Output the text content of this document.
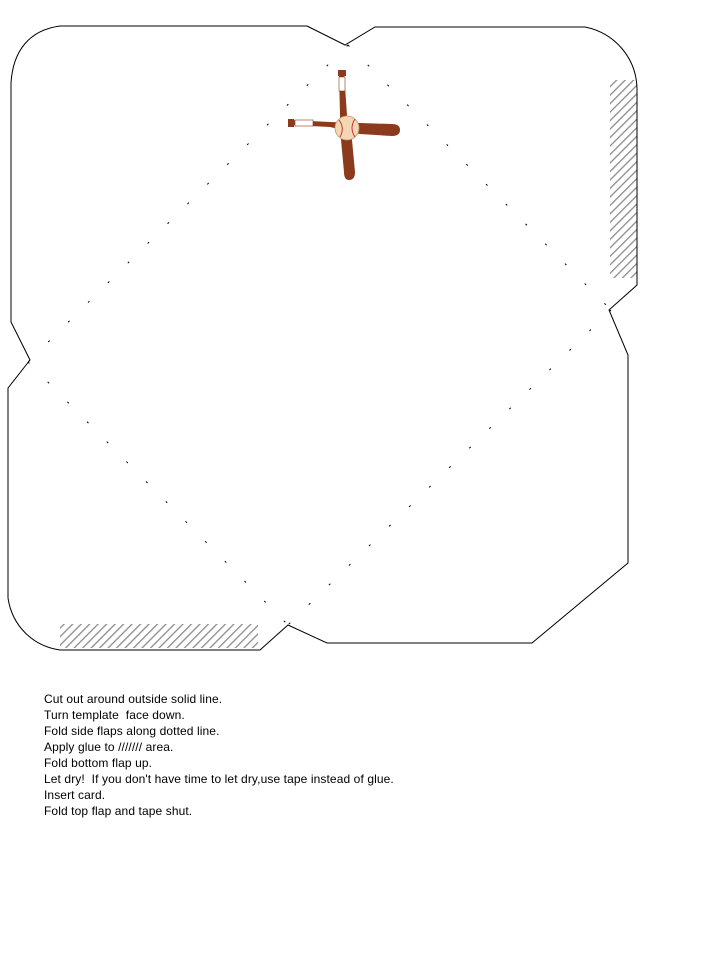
Cut out around outside solid line.
Turn template  face down.
Fold side flaps along dotted line.
Apply glue to /////// area.
Fold bottom flap up.
Let dry!  If you don't have time to let dry,use tape instead of glue.
Insert card.
Fold top flap and tape shut.
